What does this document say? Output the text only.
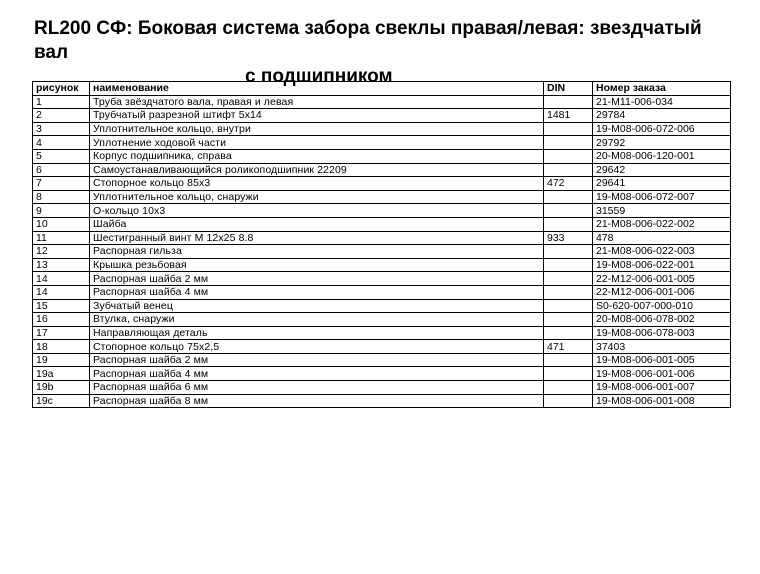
RL200 СФ: Боковая система забора свеклы правая/левая: звездчатый вал
с подшипником
рисунок	наименование	DIN	Номер заказа
1	Труба звёздчатого вала, правая и левая		21-M11-006-034
2	Трубчатый разрезной штифт 5x14	1481	29784
3	Уплотнительное кольцо, внутри		19-M08-006-072-006
4	Уплотнение ходовой части		29792
5	Корпус подшипника, справа		20-M08-006-120-001
6	Самоустанавливающийся роликоподшипник 22209		29642
7	Стопорное кольцо 85x3	472	29641
8	Уплотнительное кольцо, снаружи		19-M08-006-072-007
9	О-кольцо 10x3		31559
10	Шайба		21-M08-006-022-002
11	Шестигранный винт М 12x25 8.8	933	478
12	Распорная гильза		21-M08-006-022-003
13	Крышка резьбовая		19-M08-006-022-001
14	Распорная шайба 2 мм		22-M12-006-001-005
14	Распорная шайба 4 мм		22-M12-006-001-006
15	Зубчатый венец		S0-620-007-000-010
16	Втулка, снаружи		20-M08-006-078-002
17	Направляющая деталь		19-M08-006-078-003
18	Стопорное кольцо 75x2,5	471	37403
19	Распорная шайба 2 мм		19-M08-006-001-005
19a	Распорная шайба 4 мм		19-M08-006-001-006
19b	Распорная шайба 6 мм		19-M08-006-001-007
19c	Распорная шайба 8 мм		19-M08-006-001-008
